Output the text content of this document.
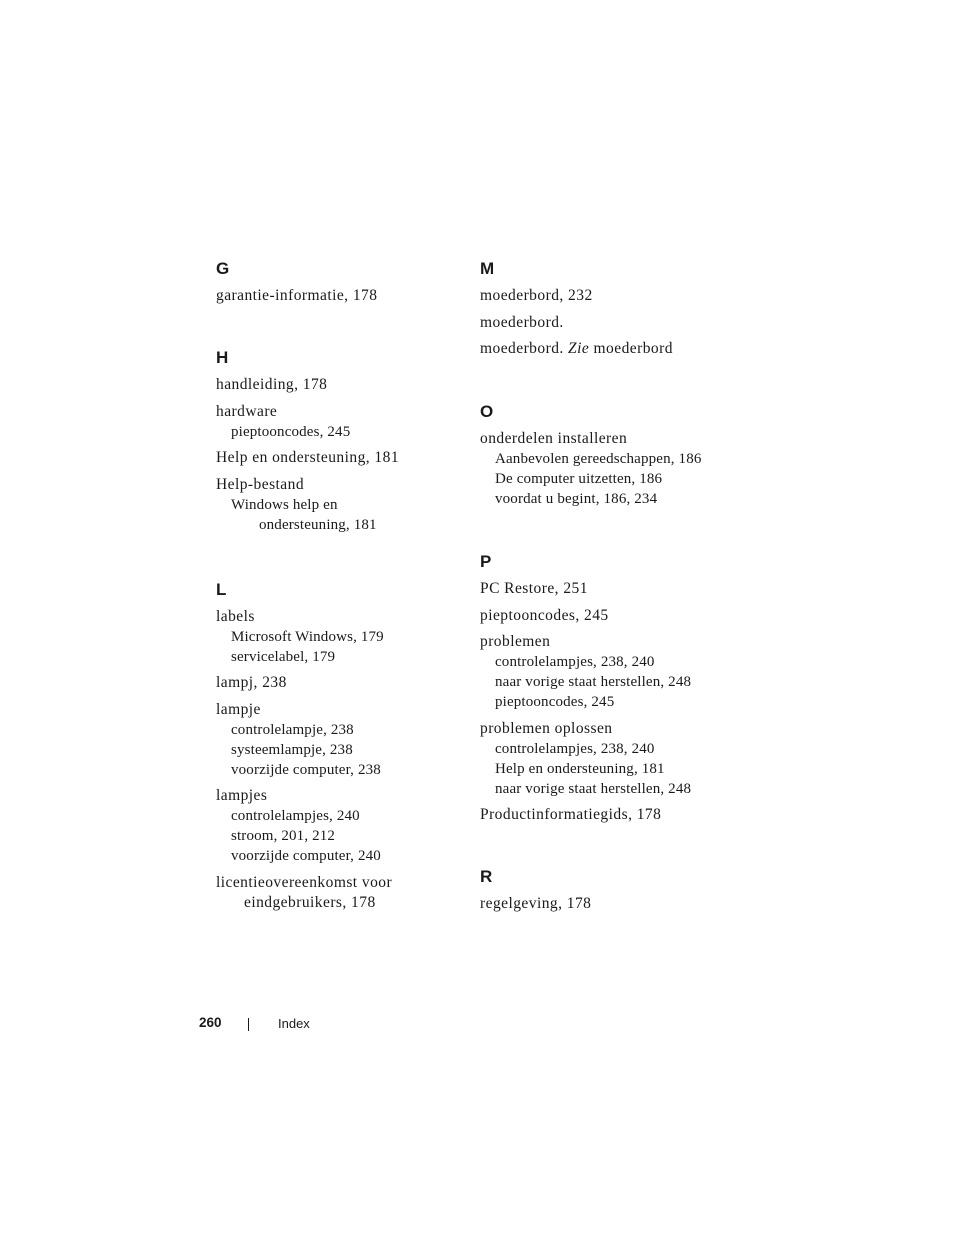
G
garantie-informatie, 178
H
handleiding, 178
hardware
pieptooncodes, 245
Help en ondersteuning, 181
Help-bestand
Windows help en
ondersteuning, 181
L
labels
Microsoft Windows, 179
servicelabel, 179
lampj, 238
lampje
controlelampje, 238
systeemlampje, 238
voorzijde computer, 238
lampjes
controlelampjes, 240
stroom, 201, 212
voorzijde computer, 240
licentieovereenkomst voor
eindgebruikers, 178
M
moederbord, 232
moederbord.
moederbord. Zie moederbord
O
onderdelen installeren
Aanbevolen gereedschappen, 186
De computer uitzetten, 186
voordat u begint, 186, 234
P
PC Restore, 251
pieptooncodes, 245
problemen
controlelampjes, 238, 240
naar vorige staat herstellen, 248
pieptooncodes, 245
problemen oplossen
controlelampjes, 238, 240
Help en ondersteuning, 181
naar vorige staat herstellen, 248
Productinformatiegids, 178
R
regelgeving, 178
260	Index
